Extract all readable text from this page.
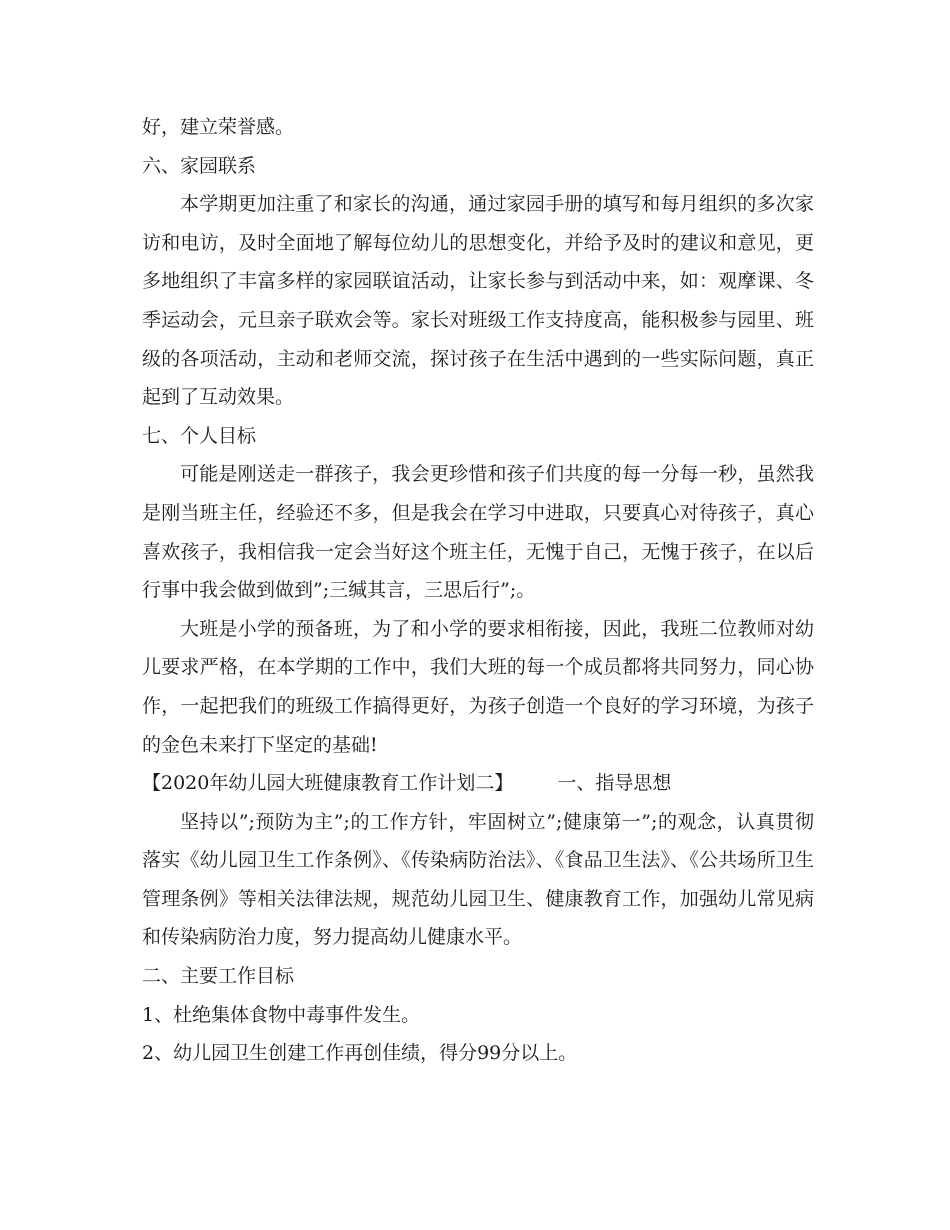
好，建立荣誉感。

六、家园联系

本学期更加注重了和家长的沟通，通过家园手册的填写和每月组织的多次家访和电访，及时全面地了解每位幼儿的思想变化，并给予及时的建议和意见，更多地组织了丰富多样的家园联谊活动，让家长参与到活动中来，如：观摩课、冬季运动会，元旦亲子联欢会等。家长对班级工作支持度高，能积极参与园里、班级的各项活动，主动和老师交流，探讨孩子在生活中遇到的一些实际问题，真正起到了互动效果。

七、个人目标

可能是刚送走一群孩子，我会更珍惜和孩子们共度的每一分每一秒，虽然我是刚当班主任，经验还不多，但是我会在学习中进取，只要真心对待孩子，真心喜欢孩子，我相信我一定会当好这个班主任，无愧于自己，无愧于孩子，在以后行事中我会做到做到”;三缄其言，三思后行”;。

大班是小学的预备班，为了和小学的要求相衔接，因此，我班二位教师对幼儿要求严格，在本学期的工作中，我们大班的每一个成员都将共同努力，同心协作，一起把我们的班级工作搞得更好，为孩子创造一个良好的学习环境，为孩子的金色未来打下坚定的基础!

【2020年幼儿园大班健康教育工作计划二】 一、指导思想

坚持以”;预防为主”;的工作方针，牢固树立”;健康第一”;的观念，认真贯彻落实《幼儿园卫生工作条例》、《传染病防治法》、《食品卫生法》、《公共场所卫生管理条例》等相关法律法规，规范幼儿园卫生、健康教育工作，加强幼儿常见病和传染病防治力度，努力提高幼儿健康水平。

二、主要工作目标

1、杜绝集体食物中毒事件发生。

2、幼儿园卫生创建工作再创佳绩，得分99分以上。
